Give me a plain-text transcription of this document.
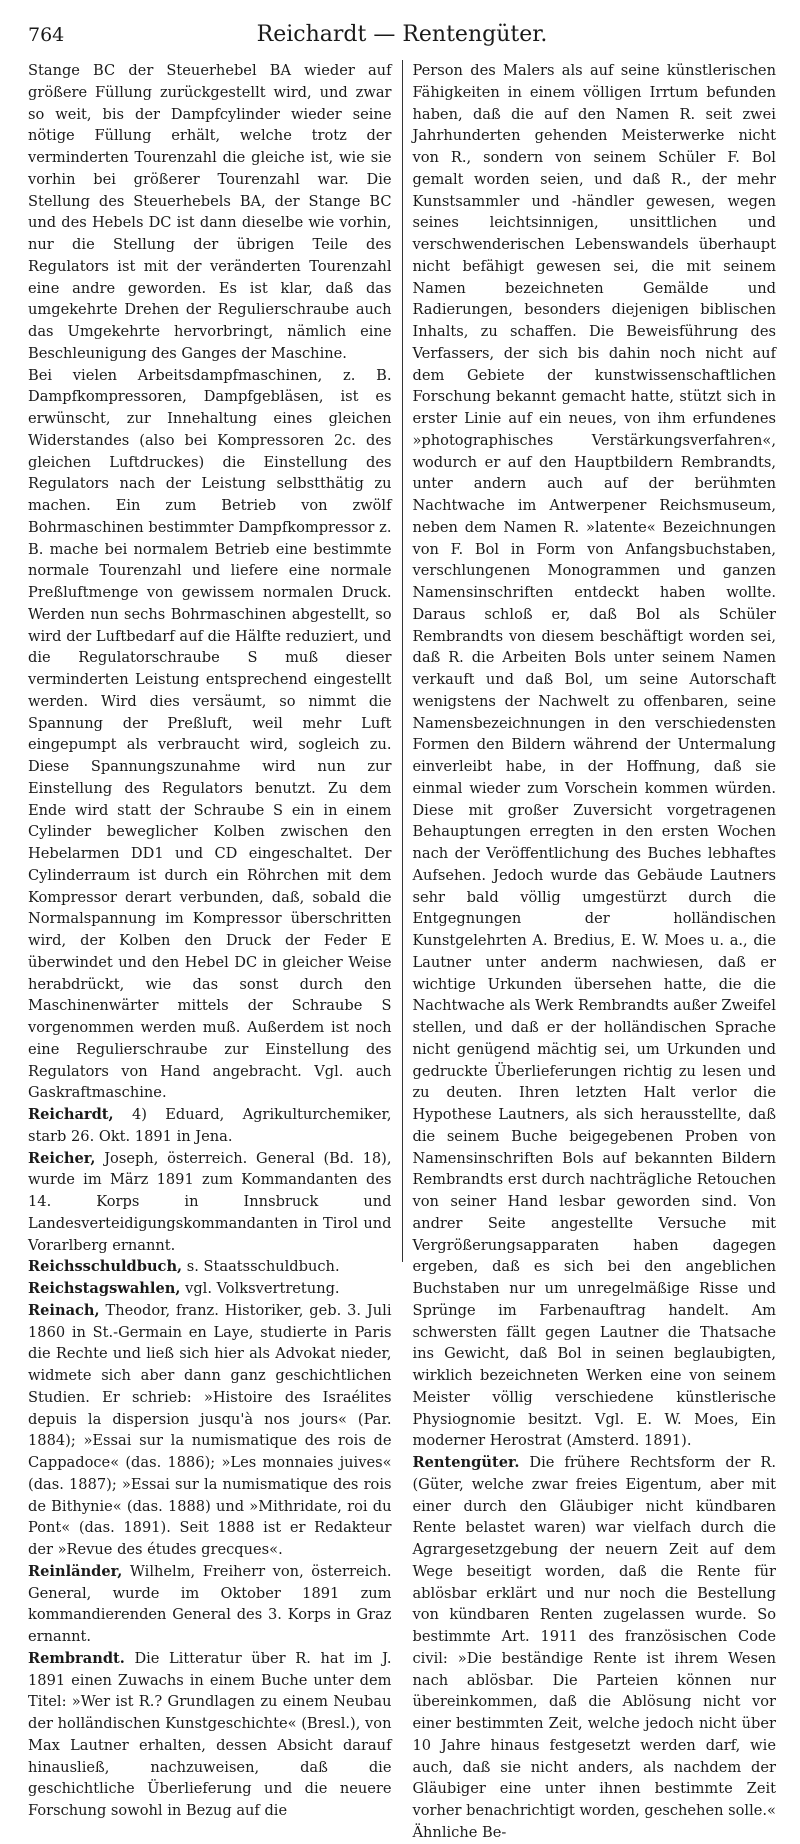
764	Reichardt — Rentengüter.

Stange BC der Steuerhebel BA wieder auf größere Füllung zurückgestellt wird, und zwar so weit, bis der Dampfcylinder wieder seine nötige Füllung erhält, welche trotz der verminderten Tourenzahl die gleiche ist, wie sie vorhin bei größerer Tourenzahl war. Die Stellung des Steuerhebels BA, der Stange BC und des Hebels DC ist dann dieselbe wie vorhin, nur die Stellung der übrigen Teile des Regulators ist mit der veränderten Tourenzahl eine andre geworden. Es ist klar, daß das umgekehrte Drehen der Regulierschraube auch das Umgekehrte hervorbringt, nämlich eine Beschleunigung des Ganges der Maschine.

Bei vielen Arbeitsdampfmaschinen, z. B. Dampfkompressoren, Dampfgebläsen, ist es erwünscht, zur Innehaltung eines gleichen Widerstandes (also bei Kompressoren 2c. des gleichen Luftdruckes) die Einstellung des Regulators nach der Leistung selbstthätig zu machen. Ein zum Betrieb von zwölf Bohrmaschinen bestimmter Dampfkompressor z. B. mache bei normalem Betrieb eine bestimmte normale Tourenzahl und liefere eine normale Preßluftmenge von gewissem normalen Druck. Werden nun sechs Bohrmaschinen abgestellt, so wird der Luftbedarf auf die Hälfte reduziert, und die Regulatorschraube S muß dieser verminderten Leistung entsprechend eingestellt werden. Wird dies versäumt, so nimmt die Spannung der Preßluft, weil mehr Luft eingepumpt als verbraucht wird, sogleich zu. Diese Spannungszunahme wird nun zur Einstellung des Regulators benutzt. Zu dem Ende wird statt der Schraube S ein in einem Cylinder beweglicher Kolben zwischen den Hebelarmen DD1 und CD eingeschaltet. Der Cylinderraum ist durch ein Röhrchen mit dem Kompressor derart verbunden, daß, sobald die Normalspannung im Kompressor überschritten wird, der Kolben den Druck der Feder E überwindet und den Hebel DC in gleicher Weise herabdrückt, wie das sonst durch den Maschinenwärter mittels der Schraube S vorgenommen werden muß. Außerdem ist noch eine Regulierschraube zur Einstellung des Regulators von Hand angebracht. Vgl. auch Gaskraftmaschine.

Reichardt, 4) Eduard, Agrikulturchemiker, starb 26. Okt. 1891 in Jena.

Reicher, Joseph, österreich. General (Bd. 18), wurde im März 1891 zum Kommandanten des 14. Korps in Innsbruck und Landesverteidigungskommandanten in Tirol und Vorarlberg ernannt.

Reichsschuldbuch, s. Staatsschuldbuch.

Reichstagswahlen, vgl. Volksvertretung.

Reinach, Theodor, franz. Historiker, geb. 3. Juli 1860 in St.-Germain en Laye, studierte in Paris die Rechte und ließ sich hier als Advokat nieder, widmete sich aber dann ganz geschichtlichen Studien. Er schrieb: »Histoire des Israélites depuis la dispersion jusqu'à nos jours« (Par. 1884); »Essai sur la numismatique des rois de Cappadoce« (das. 1886); »Les monnaies juives« (das. 1887); »Essai sur la numismatique des rois de Bithynie« (das. 1888) und »Mithridate, roi du Pont« (das. 1891). Seit 1888 ist er Redakteur der »Revue des études grecques«.

Reinländer, Wilhelm, Freiherr von, österreich. General, wurde im Oktober 1891 zum kommandierenden General des 3. Korps in Graz ernannt.

Rembrandt. Die Litteratur über R. hat im J. 1891 einen Zuwachs in einem Buche unter dem Titel: »Wer ist R.? Grundlagen zu einem Neubau der holländischen Kunstgeschichte« (Bresl.), von Max Lautner erhalten, dessen Absicht darauf hinausließ, nachzuweisen, daß die geschichtliche Überlieferung und die neuere Forschung sowohl in Bezug auf die

Person des Malers als auf seine künstlerischen Fähigkeiten in einem völligen Irrtum befunden haben, daß die auf den Namen R. seit zwei Jahrhunderten gehenden Meisterwerke nicht von R., sondern von seinem Schüler F. Bol gemalt worden seien, und daß R., der mehr Kunstsammler und -händler gewesen, wegen seines leichtsinnigen, unsittlichen und verschwenderischen Lebenswandels überhaupt nicht befähigt gewesen sei, die mit seinem Namen bezeichneten Gemälde und Radierungen, besonders diejenigen biblischen Inhalts, zu schaffen. Die Beweisführung des Verfassers, der sich bis dahin noch nicht auf dem Gebiete der kunstwissenschaftlichen Forschung bekannt gemacht hatte, stützt sich in erster Linie auf ein neues, von ihm erfundenes »photographisches Verstärkungsverfahren«, wodurch er auf den Hauptbildern Rembrandts, unter andern auch auf der berühmten Nachtwache im Antwerpener Reichsmuseum, neben dem Namen R. »latente« Bezeichnungen von F. Bol in Form von Anfangsbuchstaben, verschlungenen Monogrammen und ganzen Namensinschriften entdeckt haben wollte. Daraus schloß er, daß Bol als Schüler Rembrandts von diesem beschäftigt worden sei, daß R. die Arbeiten Bols unter seinem Namen verkauft und daß Bol, um seine Autorschaft wenigstens der Nachwelt zu offenbaren, seine Namensbezeichnungen in den verschiedensten Formen den Bildern während der Untermalung einverleibt habe, in der Hoffnung, daß sie einmal wieder zum Vorschein kommen würden. Diese mit großer Zuversicht vorgetragenen Behauptungen erregten in den ersten Wochen nach der Veröffentlichung des Buches lebhaftes Aufsehen. Jedoch wurde das Gebäude Lautners sehr bald völlig umgestürzt durch die Entgegnungen der holländischen Kunstgelehrten A. Bredius, E. W. Moes u. a., die Lautner unter anderm nachwiesen, daß er wichtige Urkunden übersehen hatte, die die Nachtwache als Werk Rembrandts außer Zweifel stellen, und daß er der holländischen Sprache nicht genügend mächtig sei, um Urkunden und gedruckte Überlieferungen richtig zu lesen und zu deuten. Ihren letzten Halt verlor die Hypothese Lautners, als sich herausstellte, daß die seinem Buche beigegebenen Proben von Namensinschriften Bols auf bekannten Bildern Rembrandts erst durch nachträgliche Retouchen von seiner Hand lesbar geworden sind. Von andrer Seite angestellte Versuche mit Vergrößerungsapparaten haben dagegen ergeben, daß es sich bei den angeblichen Buchstaben nur um unregelmäßige Risse und Sprünge im Farbenauftrag handelt. Am schwersten fällt gegen Lautner die Thatsache ins Gewicht, daß Bol in seinen beglaubigten, wirklich bezeichneten Werken eine von seinem Meister völlig verschiedene künstlerische Physiognomie besitzt. Vgl. E. W. Moes, Ein moderner Herostrat (Amsterd. 1891).

Rentengüter. Die frühere Rechtsform der R. (Güter, welche zwar freies Eigentum, aber mit einer durch den Gläubiger nicht kündbaren Rente belastet waren) war vielfach durch die Agrargesetzgebung der neuern Zeit auf dem Wege beseitigt worden, daß die Rente für ablösbar erklärt und nur noch die Bestellung von kündbaren Renten zugelassen wurde. So bestimmte Art. 1911 des französischen Code civil: »Die beständige Rente ist ihrem Wesen nach ablösbar. Die Parteien können nur übereinkommen, daß die Ablösung nicht vor einer bestimmten Zeit, welche jedoch nicht über 10 Jahre hinaus festgesetzt werden darf, wie auch, daß sie nicht anders, als nachdem der Gläubiger eine unter ihnen bestimmte Zeit vorher benachrichtigt worden, geschehen solle.« Ähnliche Be-
